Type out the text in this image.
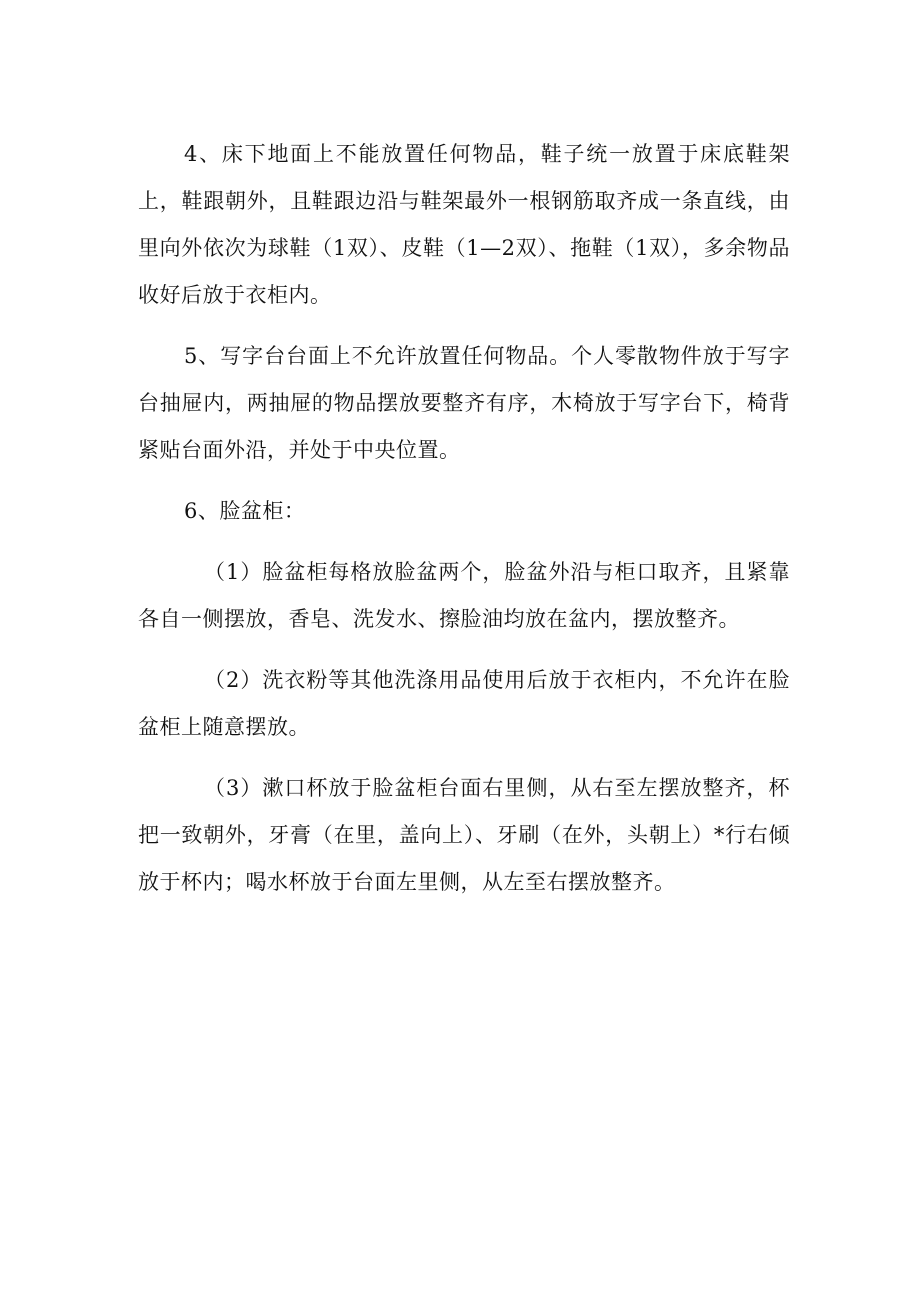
4、床下地面上不能放置任何物品，鞋子统一放置于床底鞋架上，鞋跟朝外，且鞋跟边沿与鞋架最外一根钢筋取齐成一条直线，由里向外依次为球鞋（1双）、皮鞋（1—2双）、拖鞋（1双），多余物品收好后放于衣柜内。

5、写字台台面上不允许放置任何物品。个人零散物件放于写字台抽屉内，两抽屉的物品摆放要整齐有序，木椅放于写字台下，椅背紧贴台面外沿，并处于中央位置。

6、脸盆柜：

（1）脸盆柜每格放脸盆两个，脸盆外沿与柜口取齐，且紧靠各自一侧摆放，香皂、洗发水、擦脸油均放在盆内，摆放整齐。

（2）洗衣粉等其他洗涤用品使用后放于衣柜内，不允许在脸盆柜上随意摆放。

（3）漱口杯放于脸盆柜台面右里侧，从右至左摆放整齐，杯把一致朝外，牙膏（在里，盖向上）、牙刷（在外，头朝上）*行右倾放于杯内；喝水杯放于台面左里侧，从左至右摆放整齐。
